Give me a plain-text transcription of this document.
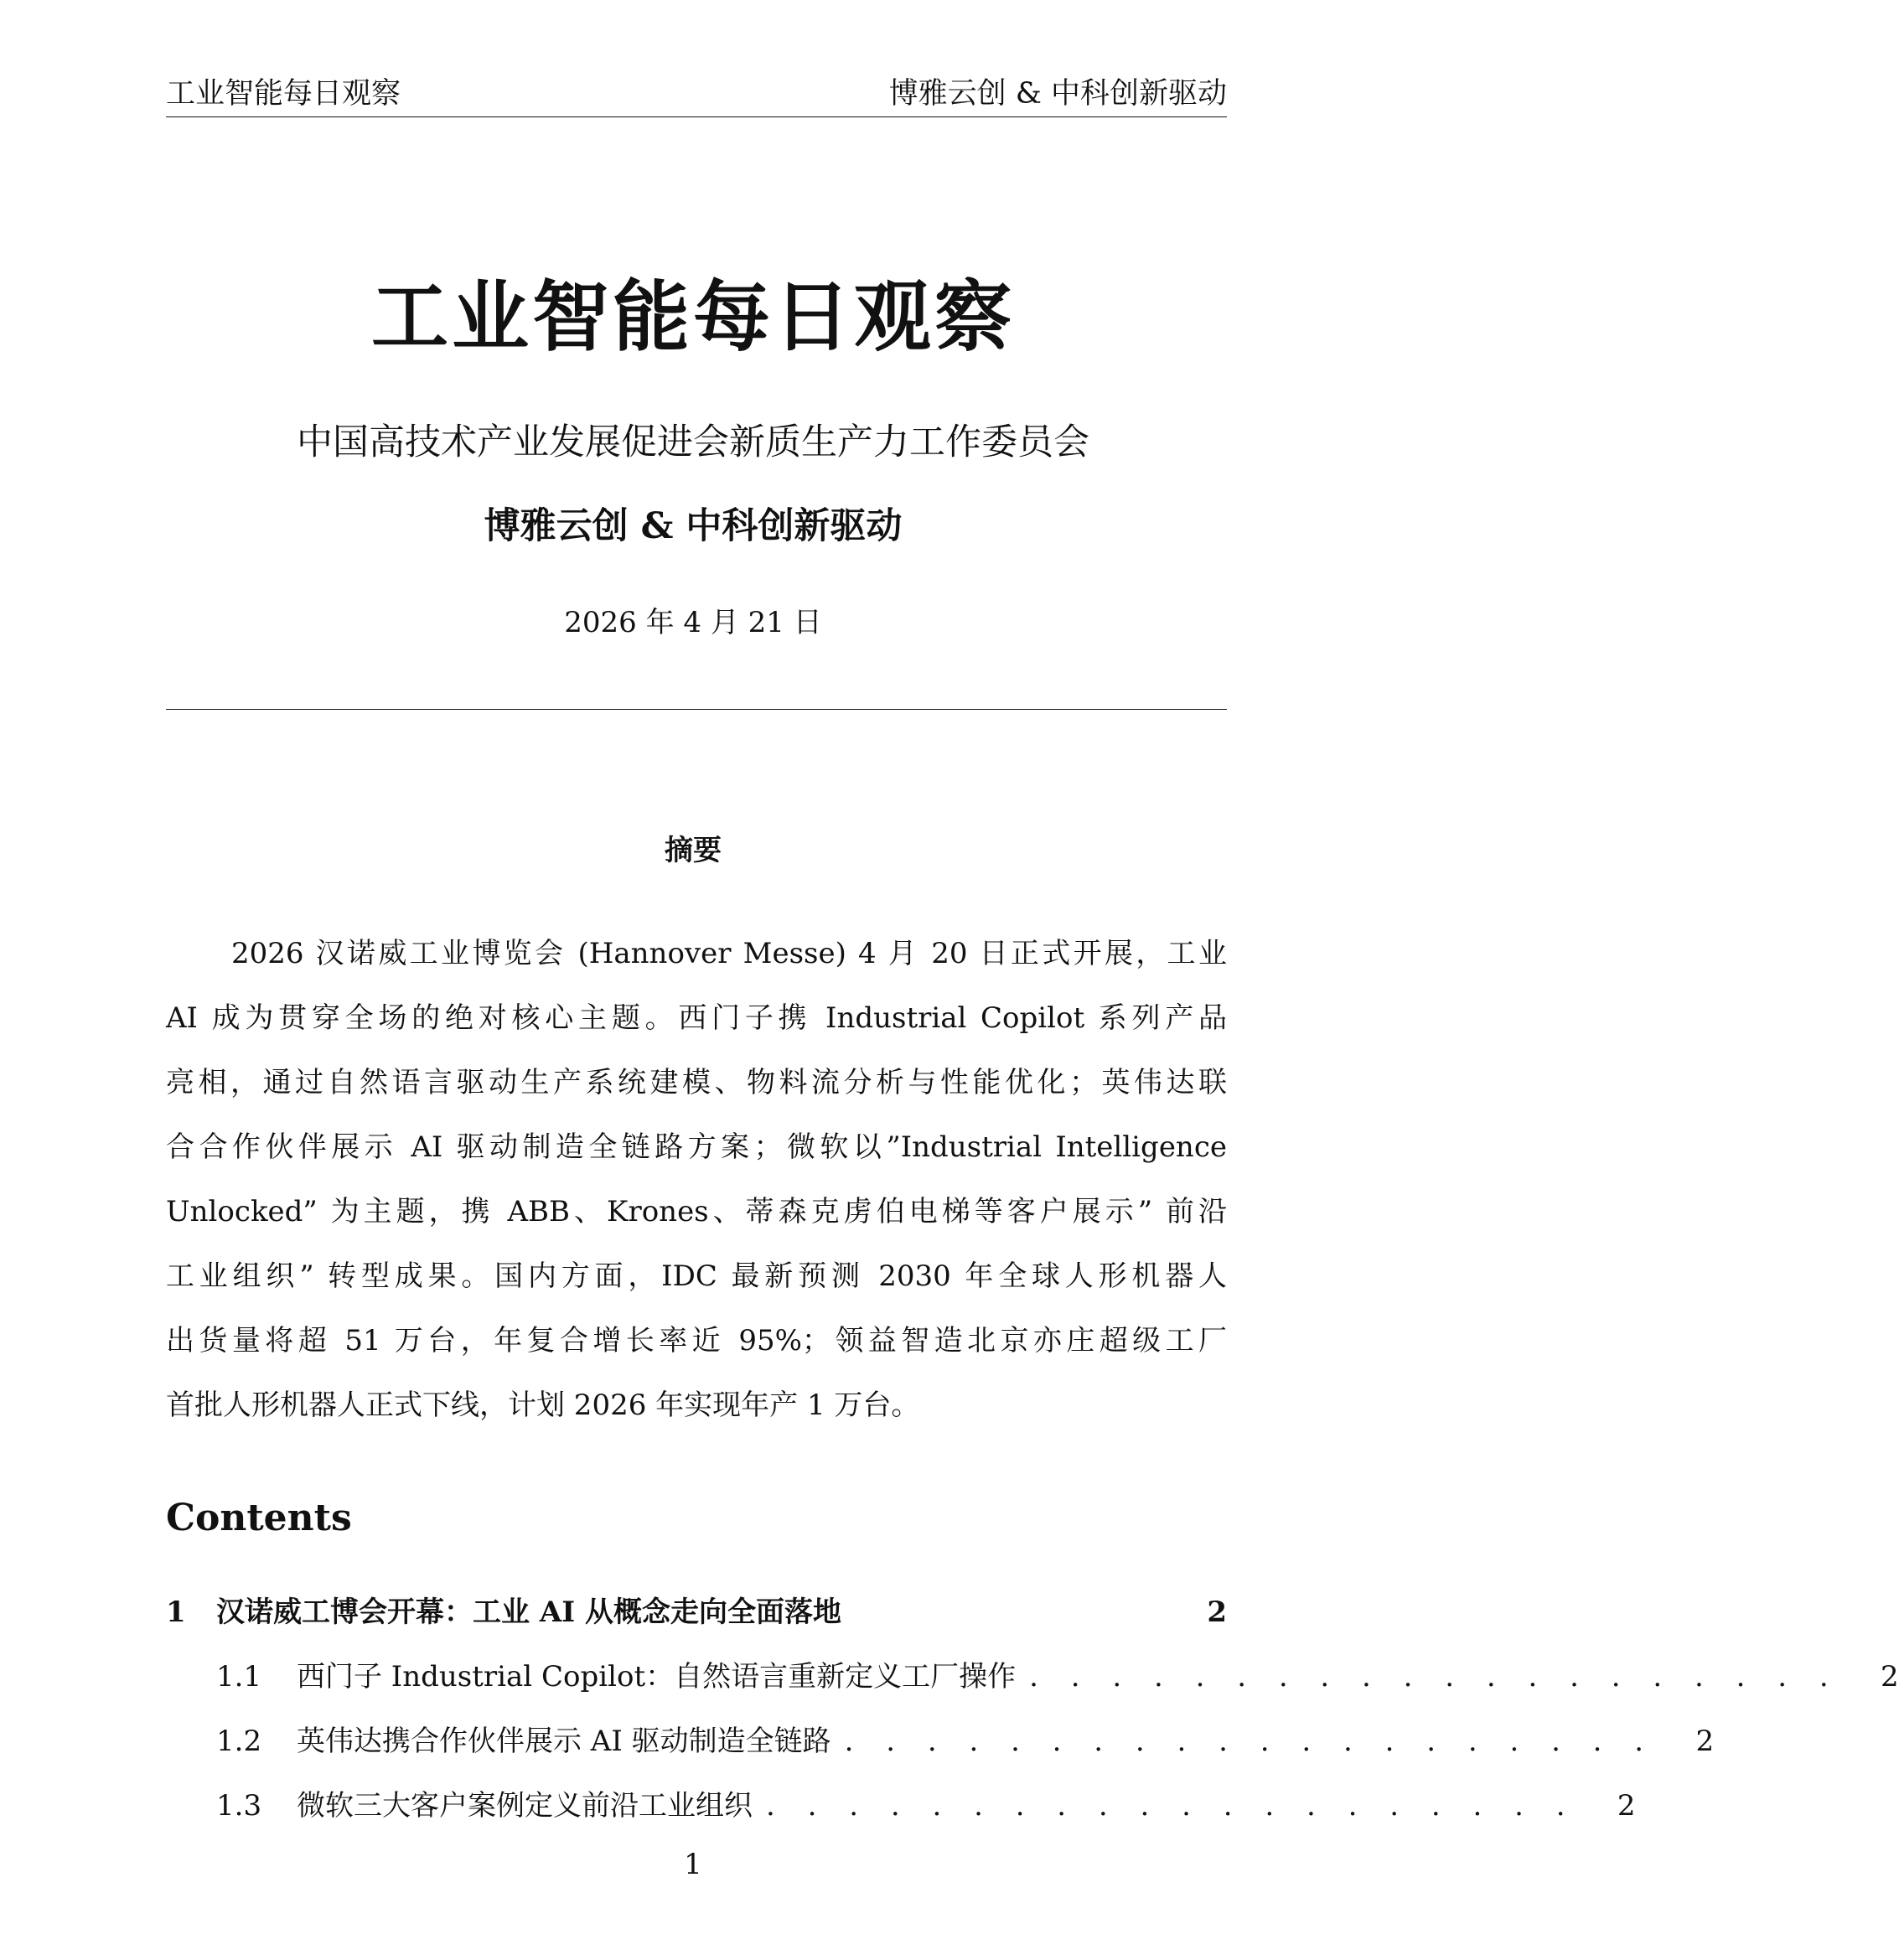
工业智能每日观察	博雅云创 & 中科创新驱动
工业智能每日观察
中国高技术产业发展促进会新质生产力工作委员会
博雅云创 & 中科创新驱动
2026 年 4 月 21 日
摘要

2026 汉诺威工业博览会 (Hannover Messe) 4 月 20 日正式开展，工业
AI 成为贯穿全场的绝对核心主题。西门子携 Industrial Copilot 系列产品
亮相，通过自然语言驱动生产系统建模、物料流分析与性能优化；英伟达联
合合作伙伴展示 AI 驱动制造全链路方案；微软以”Industrial Intelligence
Unlocked” 为主题，携 ABB、Krones、蒂森克虏伯电梯等客户展示” 前沿
工业组织” 转型成果。国内方面，IDC 最新预测 2030 年全球人形机器人
出货量将超 51 万台，年复合增长率近 95%；领益智造北京亦庄超级工厂
首批人形机器人正式下线，计划 2026 年实现年产 1 万台。

Contents
1	汉诺威工博会开幕：工业 AI 从概念走向全面落地	2
1.1	西门子 Industrial Copilot：自然语言重新定义工厂操作 . . . . . . . . . . . . . . . . . . . . 2
1.2	英伟达携合作伙伴展示 AI 驱动制造全链路 . . . . . . . . . . . . . . . . . . . . 2
1.3	微软三大客户案例定义前沿工业组织 . . . . . . . . . . . . . . . . . . . . 2
1
